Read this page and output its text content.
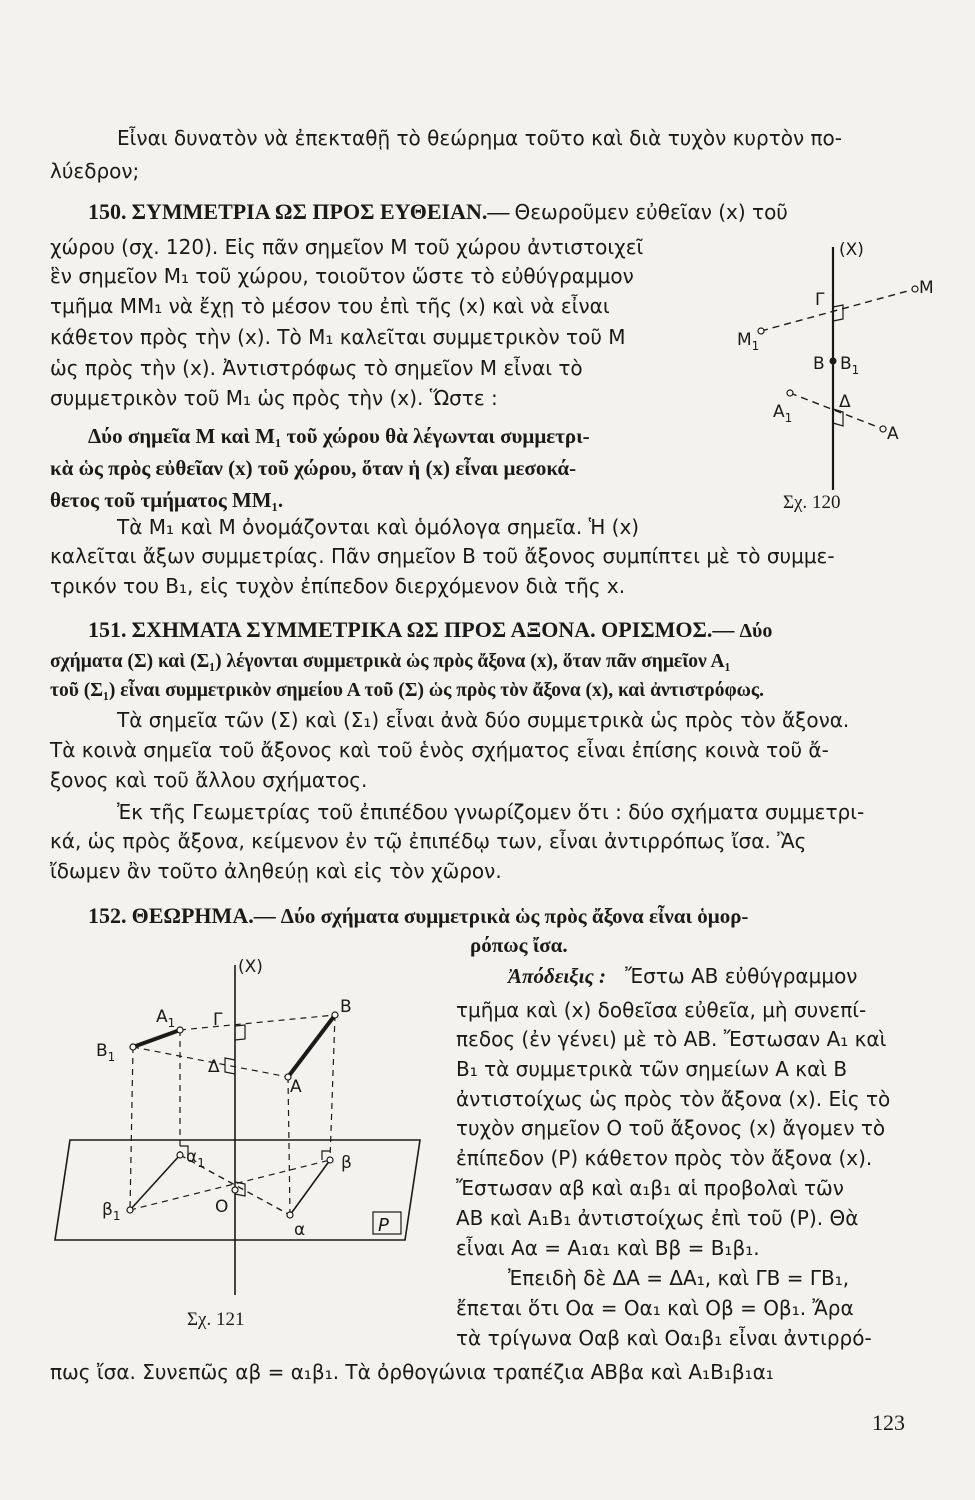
Εἶναι δυνατὸν νὰ ἐπεκταθῇ τὸ θεώρημα τοῦτο καὶ διὰ τυχὸν κυρτὸν πο-
λύεδρον;
150. ΣΥΜΜΕΤΡΙΑ ΩΣ ΠΡΟΣ ΕΥΘΕΙΑΝ.— Θεωροῦμεν εὐθεῖαν (x) τοῦ
χώρου (σχ. 120). Εἰς πᾶν σημεῖον Μ τοῦ χώρου ἀντιστοιχεῖ
ἓν σημεῖον Μ₁ τοῦ χώρου, τοιοῦτον ὥστε τὸ εὐθύγραμμον
τμῆμα ΜΜ₁ νὰ ἔχῃ τὸ μέσον του ἐπὶ τῆς (x) καὶ νὰ εἶναι
κάθετον πρὸς τὴν (x). Τὸ Μ₁ καλεῖται συμμετρικὸν τοῦ Μ
ὡς πρὸς τὴν (x). Ἀντιστρόφως τὸ σημεῖον Μ εἶναι τὸ
συμμετρικὸν τοῦ Μ₁ ὡς πρὸς τὴν (x). Ὥστε :
Δύο σημεῖα Μ καὶ Μ₁ τοῦ χώρου θὰ λέγωνται συμμετρι-
κὰ ὡς πρὸς εὐθεῖαν (x) τοῦ χώρου, ὅταν ἡ (x) εἶναι μεσοκά-
θετος τοῦ τμήματος ΜΜ₁.
Τὰ Μ₁ καὶ Μ ὀνομάζονται καὶ ὁμόλογα σημεῖα. Ἡ (x)
καλεῖται ἄξων συμμετρίας. Πᾶν σημεῖον Β τοῦ ἄξονος συμπίπτει μὲ τὸ συμμε-
τρικόν του Β₁, εἰς τυχὸν ἐπίπεδον διερχόμενον διὰ τῆς x.
(X)
M
Γ
$M_1$
B $B_1$
Δ
$A_1$
A
Σχ. 120
151. ΣΧΗΜΑΤΑ ΣΥΜΜΕΤΡΙΚΑ ΩΣ ΠΡΟΣ ΑΞΟΝΑ. ΟΡΙΣΜΟΣ.— Δύο
σχήματα (Σ) καὶ (Σ₁) λέγονται συμμετρικὰ ὡς πρὸς ἄξονα (x), ὅταν πᾶν σημεῖον Α₁
τοῦ (Σ₁) εἶναι συμμετρικὸν σημείου Α τοῦ (Σ) ὡς πρὸς τὸν ἄξονα (x), καὶ ἀντιστρόφως.
Τὰ σημεῖα τῶν (Σ) καὶ (Σ₁) εἶναι ἀνὰ δύο συμμετρικὰ ὡς πρὸς τὸν ἄξονα.
Τὰ κοινὰ σημεῖα τοῦ ἄξονος καὶ τοῦ ἑνὸς σχήματος εἶναι ἐπίσης κοινὰ τοῦ ἄ-
ξονος καὶ τοῦ ἄλλου σχήματος.
Ἐκ τῆς Γεωμετρίας τοῦ ἐπιπέδου γνωρίζομεν ὅτι : δύο σχήματα συμμετρι-
κά, ὡς πρὸς ἄξονα, κείμενον ἐν τῷ ἐπιπέδῳ των, εἶναι ἀντιρρόπως ἴσα. Ἂς
ἴδωμεν ἂν τοῦτο ἀληθεύῃ καὶ εἰς τὸν χῶρον.
152. ΘΕΩΡΗΜΑ.— Δύο σχήματα συμμετρικὰ ὡς πρὸς ἄξονα εἶναι ὁμορ-
ρόπως ἴσα.
Ἀπόδειξις : Ἔστω ΑΒ εὐθύγραμμον
τμῆμα καὶ (x) δοθεῖσα εὐθεῖα, μὴ συνεπί-
πεδος (ἐν γένει) μὲ τὸ ΑΒ. Ἔστωσαν Α₁ καὶ
Β₁ τὰ συμμετρικὰ τῶν σημείων Α καὶ Β
ἀντιστοίχως ὡς πρὸς τὸν ἄξονα (x). Εἰς τὸ
τυχὸν σημεῖον Ο τοῦ ἄξονος (x) ἄγομεν τὸ
ἐπίπεδον (Ρ) κάθετον πρὸς τὸν ἄξονα (x).
Ἔστωσαν αβ καὶ α₁β₁ αἱ προβολαὶ τῶν
ΑΒ καὶ Α₁Β₁ ἀντιστοίχως ἐπὶ τοῦ (Ρ). Θὰ
εἶναι Αα = Α₁α₁ καὶ Ββ = Β₁β₁.
Ἐπειδὴ δὲ ΔΑ = ΔΑ₁, καὶ ΓΒ = ΓΒ₁,
ἔπεται ὅτι Οα = Οα₁ καὶ Οβ = Οβ₁. Ἄρα
τὰ τρίγωνα Οαβ καὶ Οα₁β₁ εἶναι ἀντιρρό-
πως ἴσα. Συνεπῶς αβ = α₁β₁. Τὰ ὀρθογώνια τραπέζια ΑΒβα καὶ Α₁Β₁β₁α₁
P
(X)
B
$A_1$ Γ
$B_1$	Δ
A
$\alpha_1$	β
$\beta_1$	O
α
Σχ. 121
123
